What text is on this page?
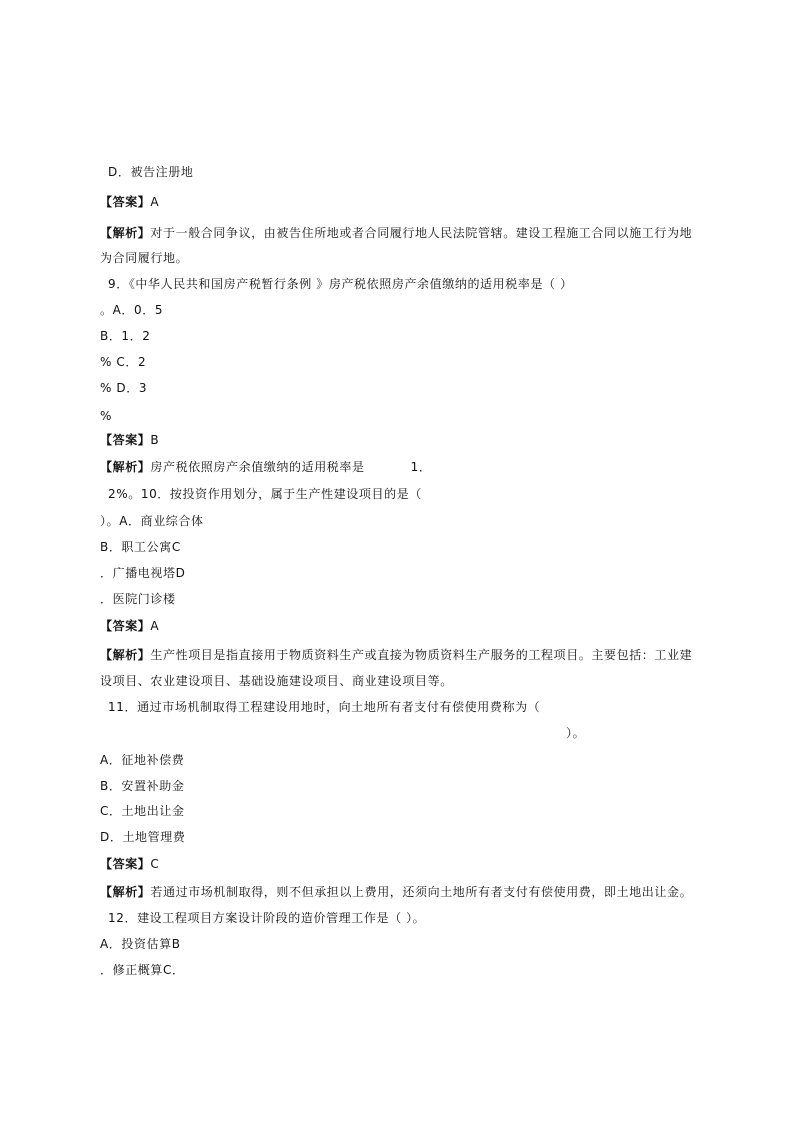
D．被告注册地
【答案】A
【解析】对于一般合同争议，由被告住所地或者合同履行地人民法院管辖。建设工程施工合同以施工行为地
为合同履行地。
9．《中华人民共和国房产税暂行条例 》房产税依照房产余值缴纳的适用税率是（ ）
。A．0．5
B．1．2
% C．2
% D．3
%
【答案】B
【解析】房产税依照房产余值缴纳的适用税率是	1．
2%。10．按投资作用划分，属于生产性建设项目的是（
）。A．商业综合体
B．职工公寓C
．广播电视塔D
．医院门诊楼
【答案】A
【解析】生产性项目是指直接用于物质资料生产或直接为物质资料生产服务的工程项目。主要包括：工业建
设项目、农业建设项目、基础设施建设项目、商业建设项目等。
11．通过市场机制取得工程建设用地时，向土地所有者支付有偿使用费称为（
）。
A．征地补偿费
B．安置补助金
C．土地出让金
D．土地管理费
【答案】C
【解析】若通过市场机制取得，则不但承担以上费用，还须向土地所有者支付有偿使用费，即土地出让金。
12．建设工程项目方案设计阶段的造价管理工作是（ ）。
A．投资估算B
．修正概算C．
